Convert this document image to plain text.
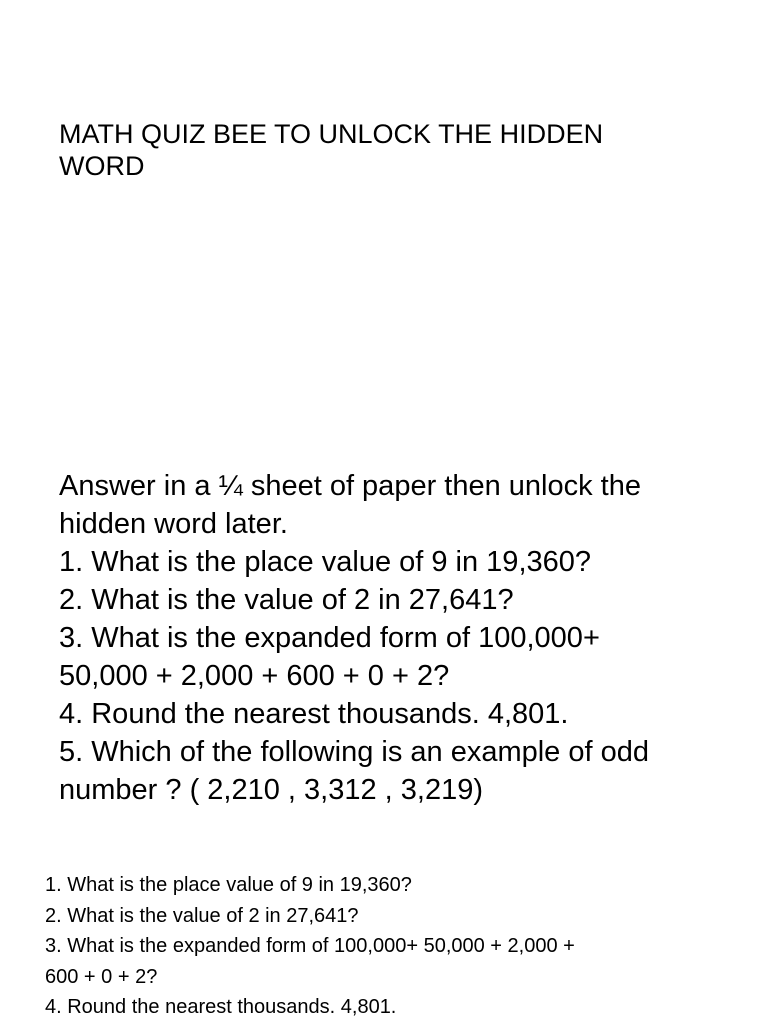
MATH QUIZ BEE TO UNLOCK THE HIDDEN
WORD
Answer in a ¼ sheet of paper then unlock the
hidden word later.
1. What is the place value of 9 in 19,360?
2. What is the value of 2 in 27,641?
3. What is the expanded form of 100,000+
50,000 + 2,000 + 600 + 0 + 2?
4. Round the nearest thousands. 4,801.
5. Which of the following is an example of odd
number ? ( 2,210 , 3,312 , 3,219)
1. What is the place value of 9 in 19,360?
2. What is the value of 2 in 27,641?
3. What is the expanded form of 100,000+ 50,000 + 2,000 +
600 + 0 + 2?
4. Round the nearest thousands. 4,801.
